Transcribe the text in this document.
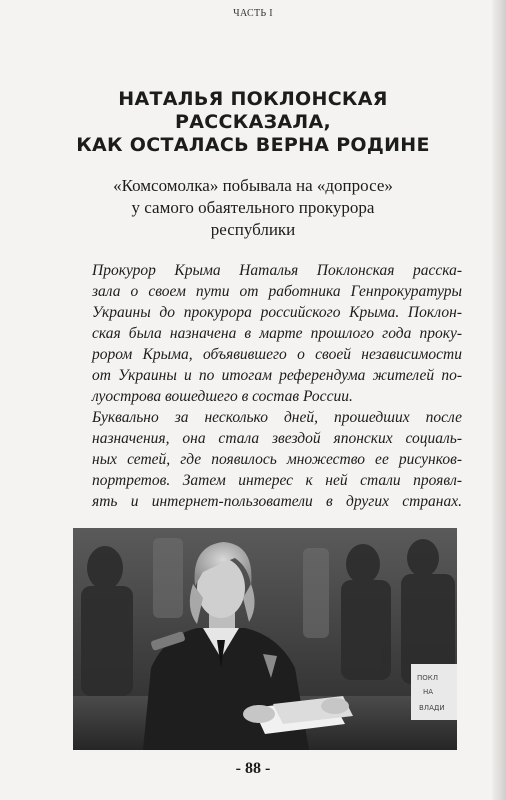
ЧАСТЬ I
НАТАЛЬЯ ПОКЛОНСКАЯ
РАССКАЗАЛА,
КАК ОСТАЛАСЬ ВЕРНА РОДИНЕ
«Комсомолка» побывала на «допросе»
у самого обаятельного прокурора
республики
Прокурор Крыма Наталья Поклонская расска-
зала о своем пути от работника Генпрокуратуры
Украины до прокурора российского Крыма. Поклон-
ская была назначена в марте прошлого года проку-
рором Крыма, объявившего о своей независимости
от Украины и по итогам референдума жителей по-
луострова вошедшего в состав России.
Буквально за несколько дней, прошедших после
назначения, она стала звездой японских социаль-
ных сетей, где появилось множество ее рисунков-
портретов. Затем интерес к ней стали проявл-
ять и интернет-пользователи в других странах.
ПОКЛ
НА
ВЛАДИ
- 88 -
